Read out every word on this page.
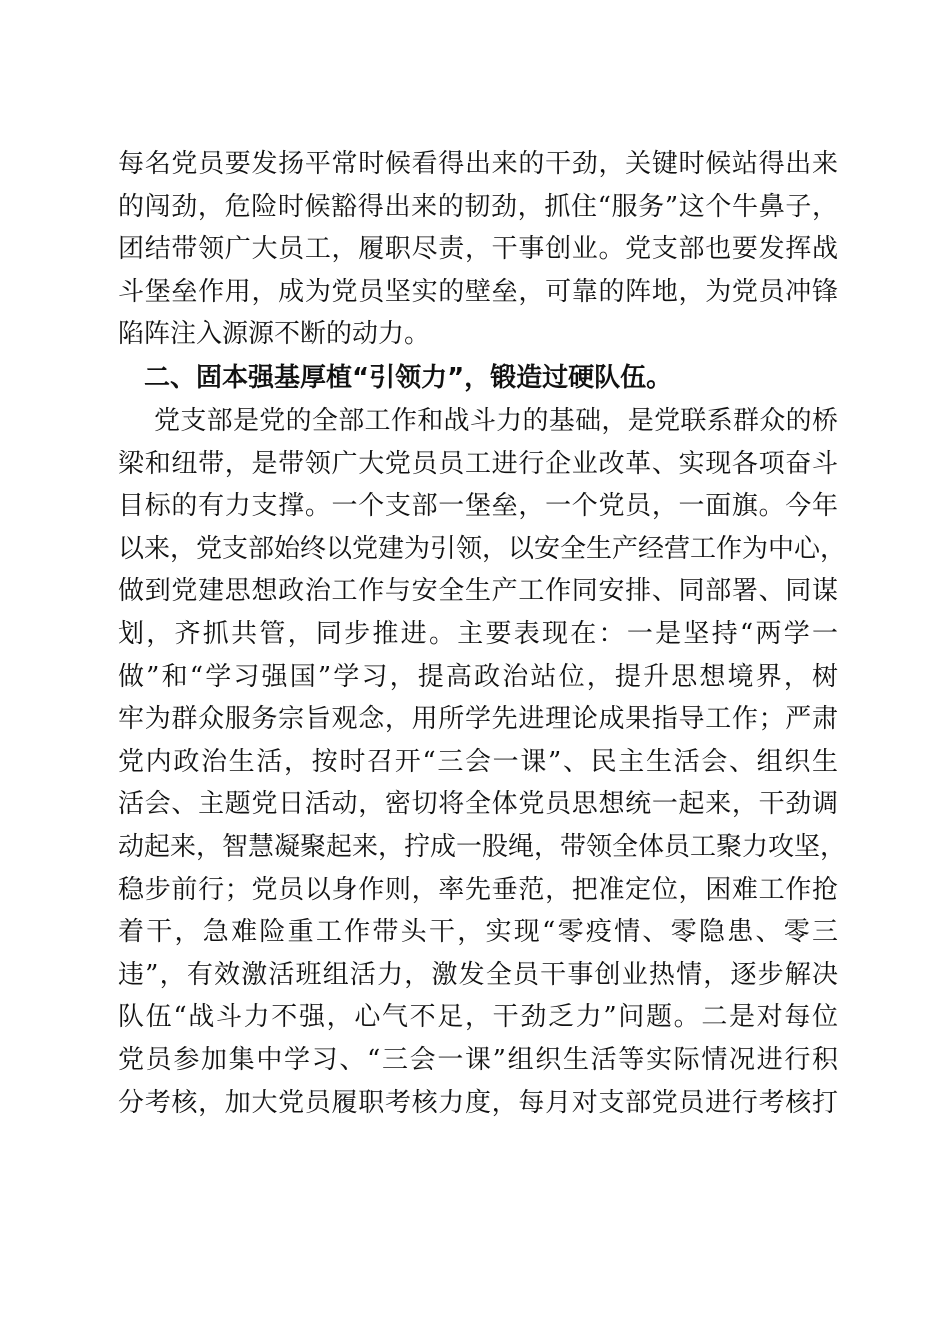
每名党员要发扬平常时候看得出来的干劲，关键时候站得出来
的闯劲，危险时候豁得出来的韧劲，抓住“服务”这个牛鼻子，
团结带领广大员工，履职尽责，干事创业。党支部也要发挥战
斗堡垒作用，成为党员坚实的壁垒，可靠的阵地，为党员冲锋
陷阵注入源源不断的动力。
二、固本强基厚植“引领力”，锻造过硬队伍。
党支部是党的全部工作和战斗力的基础，是党联系群众的桥
梁和纽带，是带领广大党员员工进行企业改革、实现各项奋斗
目标的有力支撑。一个支部一堡垒，一个党员，一面旗。今年
以来，党支部始终以党建为引领，以安全生产经营工作为中心，
做到党建思想政治工作与安全生产工作同安排、同部署、同谋
划，齐抓共管，同步推进。主要表现在：一是坚持“两学一
做”和“学习强国”学习，提高政治站位，提升思想境界，树
牢为群众服务宗旨观念，用所学先进理论成果指导工作；严肃
党内政治生活，按时召开“三会一课”、民主生活会、组织生
活会、主题党日活动，密切将全体党员思想统一起来，干劲调
动起来，智慧凝聚起来，拧成一股绳，带领全体员工聚力攻坚，
稳步前行；党员以身作则，率先垂范，把准定位，困难工作抢
着干，急难险重工作带头干，实现“零疫情、零隐患、零三
违”，有效激活班组活力，激发全员干事创业热情，逐步解决
队伍“战斗力不强，心气不足，干劲乏力”问题。二是对每位
党员参加集中学习、“三会一课”组织生活等实际情况进行积
分考核，加大党员履职考核力度，每月对支部党员进行考核打
